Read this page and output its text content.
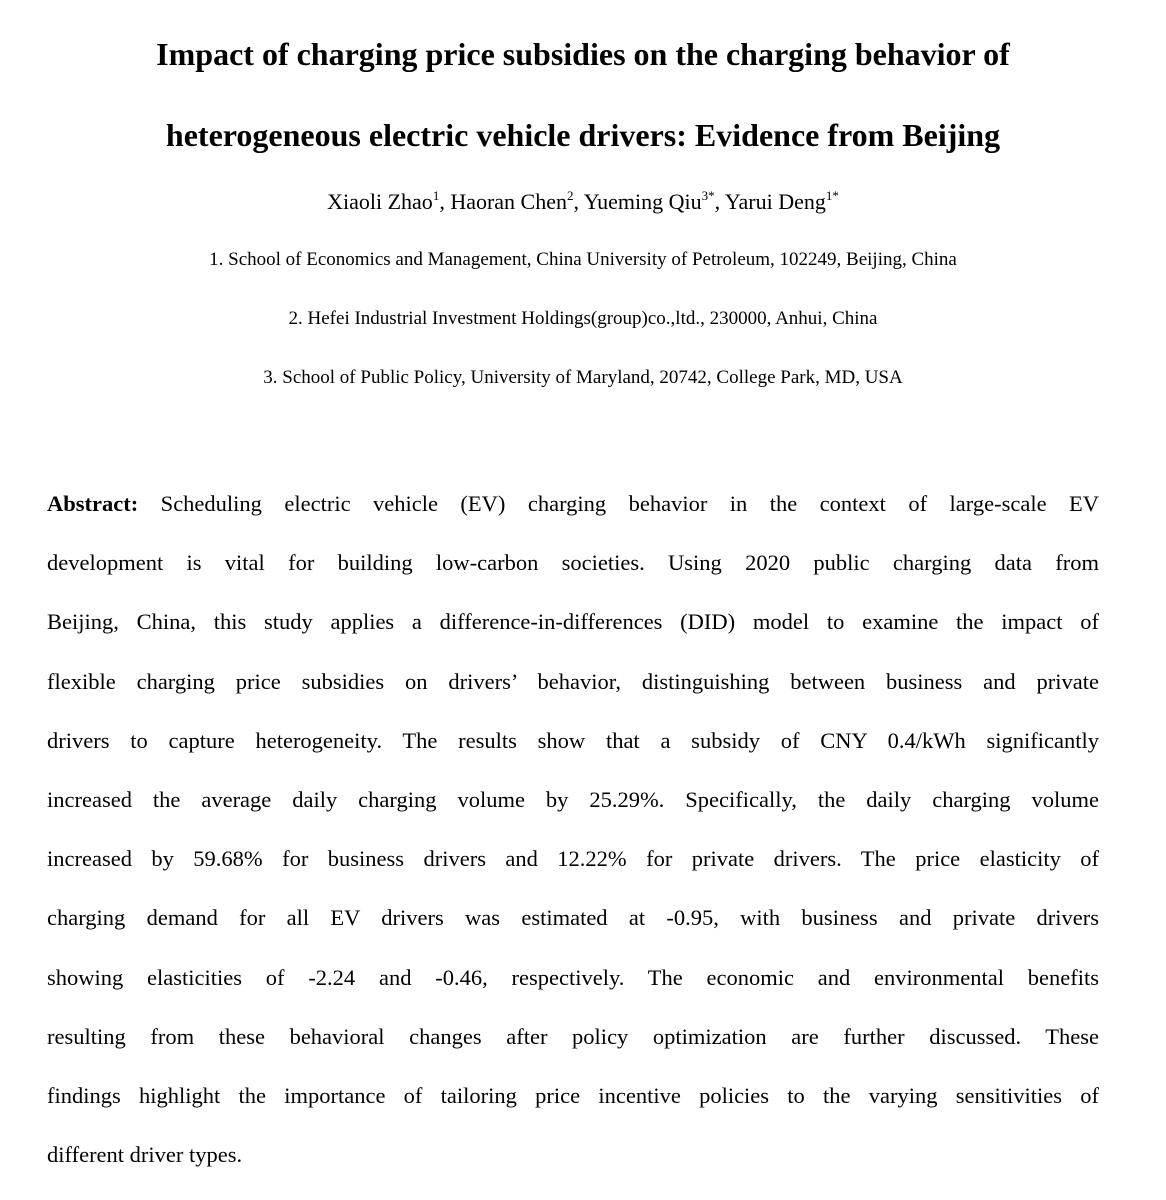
Impact of charging price subsidies on the charging behavior of
heterogeneous electric vehicle drivers: Evidence from Beijing
Xiaoli Zhao$^1$, Haoran Chen$^2$, Yueming Qiu$^{3*}$, Yarui Deng$^{1*}$
1. School of Economics and Management, China University of Petroleum, 102249, Beijing, China
2. Hefei Industrial Investment Holdings(group)co.,ltd., 230000, Anhui, China
3. School of Public Policy, University of Maryland, 20742, College Park, MD, USA
Abstract: Scheduling electric vehicle (EV) charging behavior in the context of large-scale EV
development is vital for building low-carbon societies. Using 2020 public charging data from
Beijing, China, this study applies a difference-in-differences (DID) model to examine the impact of
flexible charging price subsidies on drivers’ behavior, distinguishing between business and private
drivers to capture heterogeneity. The results show that a subsidy of CNY 0.4/kWh significantly
increased the average daily charging volume by 25.29%. Specifically, the daily charging volume
increased by 59.68% for business drivers and 12.22% for private drivers. The price elasticity of
charging demand for all EV drivers was estimated at -0.95, with business and private drivers
showing elasticities of -2.24 and -0.46, respectively. The economic and environmental benefits
resulting from these behavioral changes after policy optimization are further discussed. These
findings highlight the importance of tailoring price incentive policies to the varying sensitivities of
different driver types.
